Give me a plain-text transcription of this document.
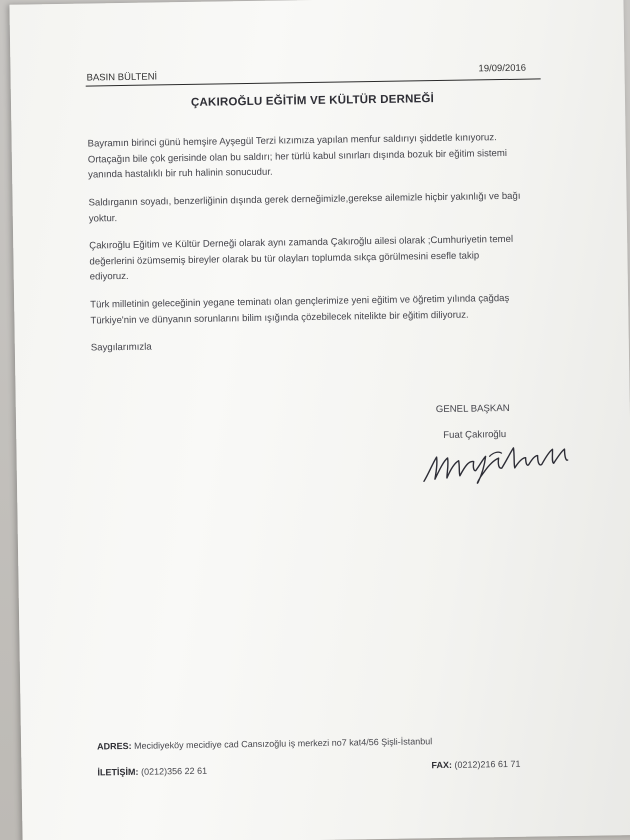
BASIN BÜLTENİ
19/09/2016
ÇAKIROĞLU EĞİTİM VE KÜLTÜR DERNEĞİ
Bayramın birinci günü hemşire Ayşegül Terzi kızımıza yapılan menfur saldırıyı şiddetle kınıyoruz.
Ortaçağın bile çok gerisinde olan bu saldırı; her türlü kabul sınırları dışında bozuk bir eğitim sistemi
yanında hastalıklı bir ruh halinin sonucudur.
Saldırganın soyadı, benzerliğinin dışında gerek derneğimizle,gerekse ailemizle hiçbir yakınlığı ve bağı
yoktur.
Çakıroğlu Eğitim ve Kültür Derneği olarak aynı zamanda Çakıroğlu ailesi olarak ;Cumhuriyetin temel
değerlerini özümsemiş bireyler olarak bu tür olayları toplumda sıkça görülmesini esefle takip
ediyoruz.
Türk milletinin geleceğinin yegane teminatı olan gençlerimize yeni eğitim ve öğretim yılında çağdaş
Türkiye'nin ve dünyanın sorunlarını bilim ışığında çözebilecek nitelikte bir eğitim diliyoruz.
Saygılarımızla
GENEL BAŞKAN
Fuat Çakıroğlu
ADRES: Mecidiyeköy mecidiye cad Cansızoğlu iş merkezi no7 kat4/56 Şişli-İstanbul
İLETİŞİM: (0212)356 22 61
FAX: (0212)216 61 71
